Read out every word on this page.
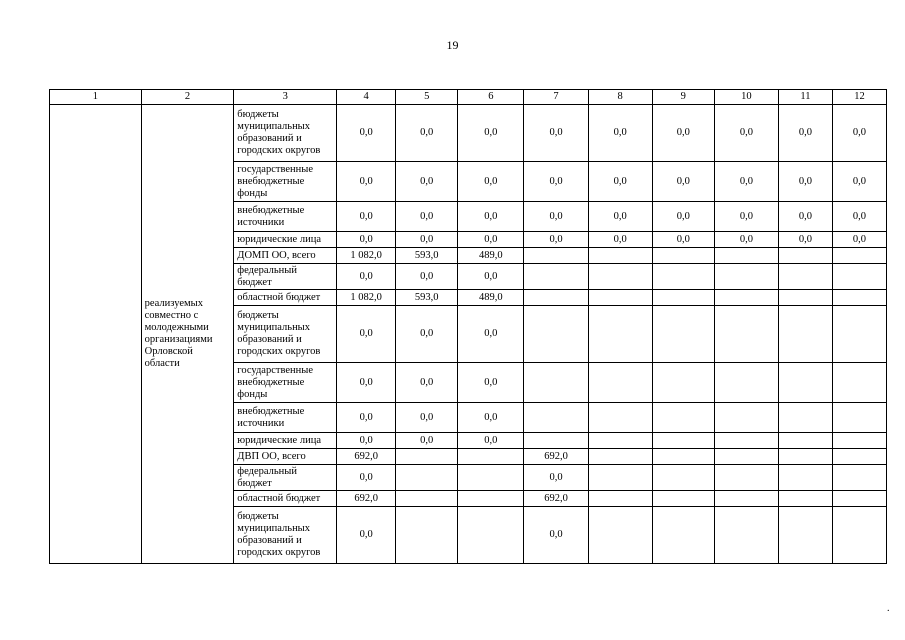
19
1	2	3	4	5	6	7	8	9	10	11	12
	реализуемых совместно с молодежными организациями Орловской области	бюджеты муниципальных образований и городских округов	0,0	0,0	0,0	0,0	0,0	0,0	0,0	0,0	0,0
		государственные внебюджетные фонды	0,0	0,0	0,0	0,0	0,0	0,0	0,0	0,0	0,0
		внебюджетные источники	0,0	0,0	0,0	0,0	0,0	0,0	0,0	0,0	0,0
		юридические лица	0,0	0,0	0,0	0,0	0,0	0,0	0,0	0,0	0,0
		ДОМП ОО, всего	1 082,0	593,0	489,0						
		федеральный бюджет	0,0	0,0	0,0						
		областной бюджет	1 082,0	593,0	489,0						
		бюджеты муниципальных образований и городских округов	0,0	0,0	0,0						
		государственные внебюджетные фонды	0,0	0,0	0,0						
		внебюджетные источники	0,0	0,0	0,0						
		юридические лица	0,0	0,0	0,0						
		ДВП ОО, всего	692,0			692,0					
		федеральный бюджет	0,0			0,0					
		областной бюджет	692,0			692,0					
		бюджеты муниципальных образований и городских округов	0,0			0,0					
.
